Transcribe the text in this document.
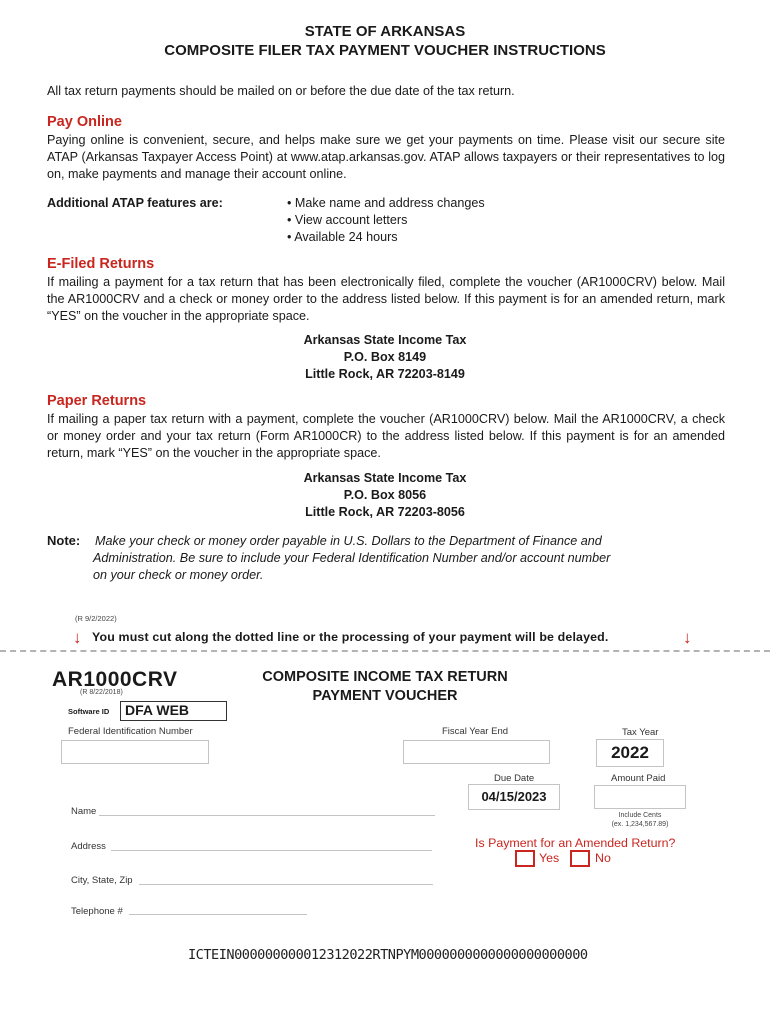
STATE OF ARKANSAS
COMPOSITE FILER TAX PAYMENT VOUCHER INSTRUCTIONS
All tax return payments should be mailed on or before the due date of the tax return.
Pay Online
Paying online is convenient, secure, and helps make sure we get your payments on time. Please visit our secure site ATAP (Arkansas Taxpayer Access Point) at www.atap.arkansas.gov. ATAP allows taxpayers or their representatives to log on, make payments and manage their account online.
Additional ATAP features are:	• Make name and address changes
• View account letters
• Available 24 hours
E-Filed Returns
If mailing a payment for a tax return that has been electronically filed, complete the voucher (AR1000CRV) below. Mail the AR1000CRV and a check or money order to the address listed below. If this payment is for an amended return, mark “YES” on the voucher in the appropriate space.
Arkansas State Income Tax
P.O. Box 8149
Little Rock, AR 72203-8149
Paper Returns
If mailing a paper tax return with a payment, complete the voucher (AR1000CRV) below. Mail the AR1000CRV, a check or money order and your tax return (Form AR1000CR) to the address listed below. If this payment is for an amended return, mark “YES” on the voucher in the appropriate space.
Arkansas State Income Tax
P.O. Box 8056
Little Rock, AR 72203-8056
Note: Make your check or money order payable in U.S. Dollars to the Department of Finance and
Administration. Be sure to include your Federal Identification Number and/or account number
on your check or money order.
(R 9/2/2022)
↓ You must cut along the dotted line or the processing of your payment will be delayed.	↓
AR1000CRV
(R 8/22/2018)
COMPOSITE INCOME TAX RETURN
PAYMENT VOUCHER
Software ID	DFA WEB
Federal Identification Number	Fiscal Year End	Tax Year
2022
Due Date
04/15/2023
Amount Paid
Include Cents
(ex. 1,234,567.89)
Name
Address
City, State, Zip
Telephone #
Is Payment for an Amended Return?
Yes	No
ICTEIN000000000012312022RTNPYM0000000000000000000000
